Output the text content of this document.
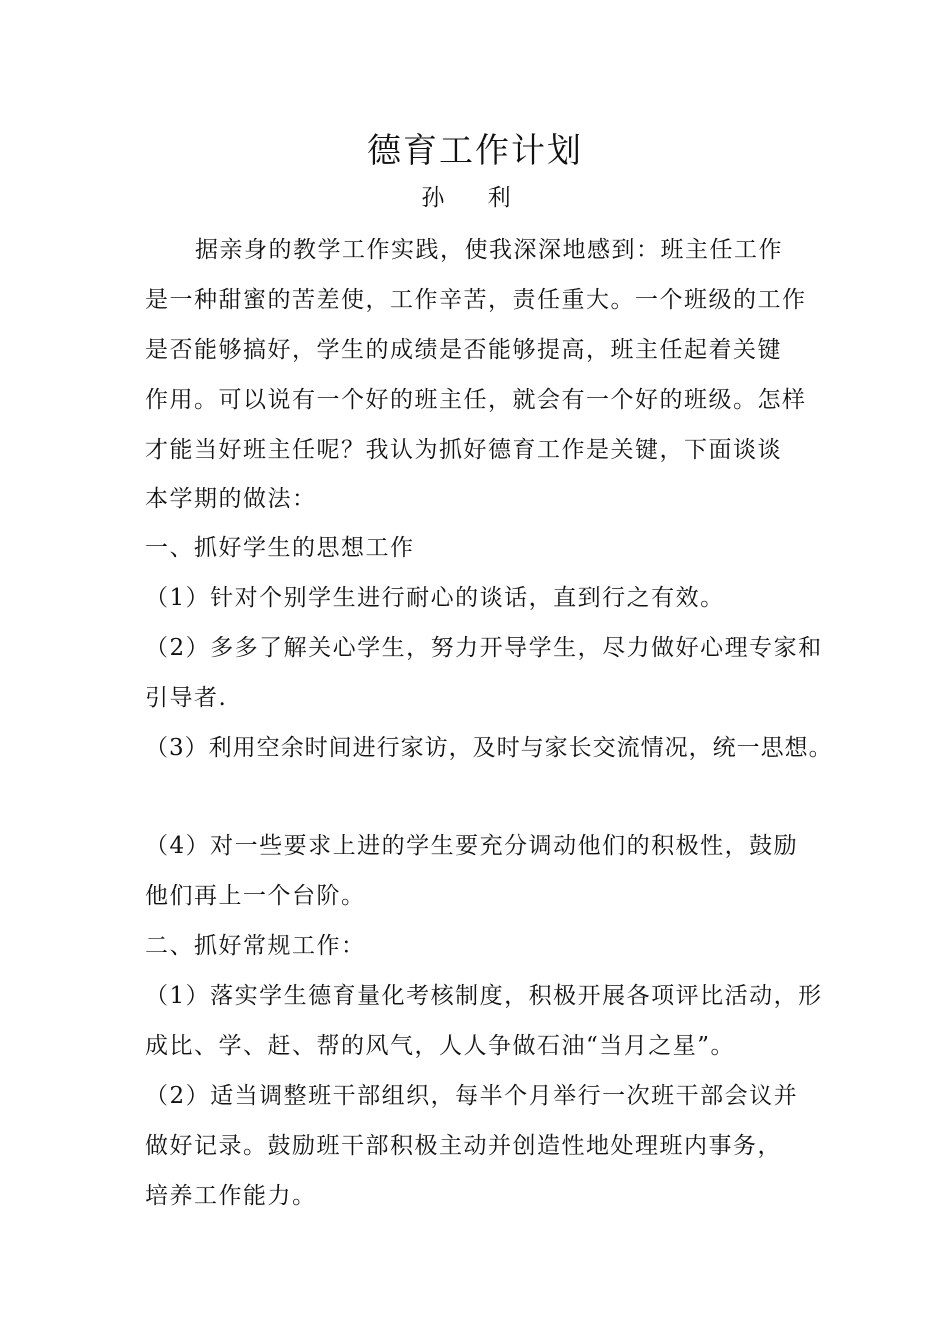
德育工作计划
孙 利
据亲身的教学工作实践，使我深深地感到：班主任工作
是一种甜蜜的苦差使，工作辛苦，责任重大。一个班级的工作
是否能够搞好，学生的成绩是否能够提高，班主任起着关键
作用。可以说有一个好的班主任，就会有一个好的班级。怎样
才能当好班主任呢？我认为抓好德育工作是关键，下面谈谈
本学期的做法：
一、抓好学生的思想工作
（1）针对个别学生进行耐心的谈话，直到行之有效。
（2）多多了解关心学生，努力开导学生，尽力做好心理专家和
引导者.
（3）利用空余时间进行家访，及时与家长交流情况，统一思想。
（4）对一些要求上进的学生要充分调动他们的积极性，鼓励
他们再上一个台阶。
二、抓好常规工作：
（1）落实学生德育量化考核制度，积极开展各项评比活动，形
成比、学、赶、帮的风气，人人争做石油“当月之星”。
（2）适当调整班干部组织，每半个月举行一次班干部会议并
做好记录。鼓励班干部积极主动并创造性地处理班内事务，
培养工作能力。
